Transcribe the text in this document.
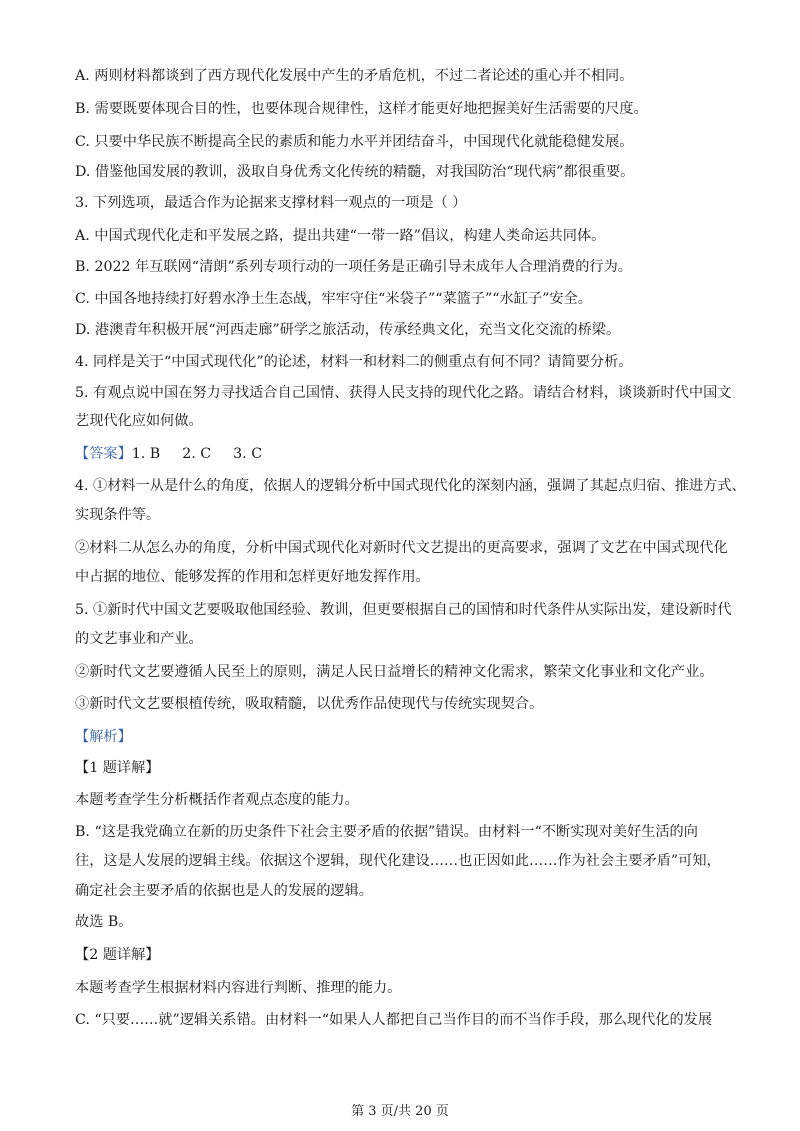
A. 两则材料都谈到了西方现代化发展中产生的矛盾危机，不过二者论述的重心并不相同。
B. 需要既要体现合目的性，也要体现合规律性，这样才能更好地把握美好生活需要的尺度。
C. 只要中华民族不断提高全民的素质和能力水平并团结奋斗，中国现代化就能稳健发展。
D. 借鉴他国发展的教训，汲取自身优秀文化传统的精髓，对我国防治“现代病”都很重要。
3. 下列选项，最适合作为论据来支撑材料一观点的一项是（ ）
A. 中国式现代化走和平发展之路，提出共建“一带一路”倡议，构建人类命运共同体。
B. 2022 年互联网“清朗”系列专项行动的一项任务是正确引导未成年人合理消费的行为。
C. 中国各地持续打好碧水净土生态战，牢牢守住“米袋子”“菜篮子”“水缸子”安全。
D. 港澳青年积极开展“河西走廊”研学之旅活动，传承经典文化，充当文化交流的桥梁。
4. 同样是关于“中国式现代化”的论述，材料一和材料二的侧重点有何不同？请简要分析。
5. 有观点说中国在努力寻找适合自己国情、获得人民支持的现代化之路。请结合材料，谈谈新时代中国文
艺现代化应如何做。
【答案】1. B 2. C 3. C
4. ①材料一从是什么的角度，依据人的逻辑分析中国式现代化的深刻内涵，强调了其起点归宿、推进方式、
实现条件等。
②材料二从怎么办的角度，分析中国式现代化对新时代文艺提出的更高要求，强调了文艺在中国式现代化
中占据的地位、能够发挥的作用和怎样更好地发挥作用。
5. ①新时代中国文艺要吸取他国经验、教训，但更要根据自己的国情和时代条件从实际出发，建设新时代
的文艺事业和产业。
②新时代文艺要遵循人民至上的原则，满足人民日益增长的精神文化需求，繁荣文化事业和文化产业。
③新时代文艺要根植传统，吸取精髓，以优秀作品使现代与传统实现契合。
【解析】
【1 题详解】
本题考查学生分析概括作者观点态度的能力。
B. “这是我党确立在新的历史条件下社会主要矛盾的依据”错误。由材料一“不断实现对美好生活的向
往，这是人发展的逻辑主线。依据这个逻辑，现代化建设……也正因如此……作为社会主要矛盾”可知，
确定社会主要矛盾的依据也是人的发展的逻辑。
故选 B。
【2 题详解】
本题考查学生根据材料内容进行判断、推理的能力。
C. “只要……就”逻辑关系错。由材料一“如果人人都把自己当作目的而不当作手段，那么现代化的发展
第 3 页/共 20 页
